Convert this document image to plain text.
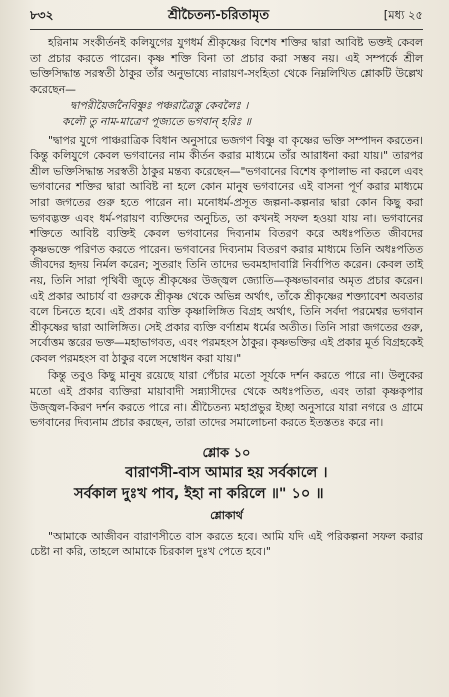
৮৩২	শ্রীচৈতন্য-চরিতামৃত	[মধ্য ২৫

হরিনাম সংকীর্তনই কলিযুগের যুগধর্ম শ্রীকৃষ্ণের বিশেষ শক্তির দ্বারা আবিষ্ট ভক্তই কেবল তা প্রচার করতে পারেন। কৃষ্ণ শক্তি বিনা তা প্রচার করা সম্ভব নয়। এই সম্পর্কে শ্রীল ভক্তিসিদ্ধান্ত সরস্বতী ঠাকুর তাঁর অনুভাষ্যে নারায়ণ-সংহিতা থেকে নিম্নলিখিত শ্লোকটি উল্লেখ করেছেন—

দ্বাপরীয়ৈর্জনৈবিষ্ণুঃ পঞ্চরাত্রৈস্তু কেবলৈঃ ।

কলৌ তু নাম-মাত্রেণ পূজ্যতে ভগবান্ হরিঃ ॥

"দ্বাপর যুগে পাঞ্চরাত্রিক বিধান অনুসারে ভজগণ বিষ্ণু বা কৃষ্ণের ভক্তি সম্পাদন করতেন। কিন্তু কলিযুগে কেবল ভগবানের নাম কীর্তন করার মাধ্যমে তাঁর আরাধনা করা যায়।" তারপর শ্রীল ভক্তিসিদ্ধান্ত সরস্বতী ঠাকুর মন্তব্য করেছেন—"ভগবানের বিশেষ কৃপালাভ না করলে এবং ভগবানের শক্তির দ্বারা আবিষ্ট না হলে কোন মানুষ ভগবানের এই বাসনা পূর্ণ করার মাধ্যমে সারা জগতের গুরু হতে পারেন না। মনোধর্ম-প্রসূত জল্পনা-কল্পনার দ্বারা কোন কিছু করা ভগবদ্ভক্ত এবং ধর্ম-পরায়ণ ব্যক্তিদের অনুচিত, তা কখনই সফল হওয়া যায় না। ভগবানের শক্তিতে আবিষ্ট ব্যক্তিই কেবল ভগবানের দিব্যনাম বিতরণ করে অধঃপতিত জীবদের কৃষ্ণভক্তে পরিণত করতে পারেন। ভগবানের দিব্যনাম বিতরণ করার মাধ্যমে তিনি অধঃপতিত জীবদের হৃদয় নির্মল করেন; সুতরাং তিনি তাদের ভবমহাদাবাগ্নি নির্বাপিত করেন। কেবল তাই নয়, তিনি সারা পৃথিবী জুড়ে শ্রীকৃষ্ণের উজ্জ্বল জ্যোতি—কৃষ্ণভাবনার অমৃত প্রচার করেন। এই প্রকার আচার্য বা গুরুকে শ্রীকৃষ্ণ থেকে অভিন্ন অর্থাৎ, তাঁকে শ্রীকৃষ্ণের শক্ত্যাবেশ অবতার বলে চিনতে হবে। এই প্রকার ব্যক্তি কৃষ্ণালিঙ্গিত বিগ্রহ অর্থাৎ, তিনি সর্বদা পরমেশ্বর ভগবান শ্রীকৃষ্ণের দ্বারা আলিঙ্গিত। সেই প্রকার ব্যক্তি বর্ণাশ্রম ধর্মের অতীত। তিনি সারা জগতের গুরু, সর্বোত্তম স্তরের ভক্ত—মহাভাগবত, এবং পরমহংস ঠাকুর। কৃষ্ণভক্তির এই প্রকার মূর্ত বিগ্রহকেই কেবল পরমহংস বা ঠাকুর বলে সম্বোধন করা যায়।"

কিন্তু তবুও কিছু মানুষ রয়েছে যারা পেঁচার মতো সূর্যকে দর্শন করতে পারে না। উলুকের মতো এই প্রকার ব্যক্তিরা মায়াবাদী সন্ন্যাসীদের থেকে অধঃপতিত, এবং তারা কৃষ্ণকৃপার উজ্জ্বল-কিরণ দর্শন করতে পারে না। শ্রীচৈতন্য মহাপ্রভুর ইচ্ছা অনুসারে যারা নগরে ও গ্রামে ভগবানের দিব্যনাম প্রচার করছেন, তারা তাদের সমালোচনা করতে ইতস্ততঃ করে না।

শ্লোক ১০
বারাণসী-বাস আমার হয় সর্বকালে ।
সর্বকাল দুঃখ পাব, ইহা না করিলে ॥" ১০ ॥
শ্লোকার্থ

"আমাকে আজীবন বারাণসীতে বাস করতে হবে। আমি যদি এই পরিকল্পনা সফল করার চেষ্টা না করি, তাহলে আমাকে চিরকাল দুঃখ পেতে হবে।"
